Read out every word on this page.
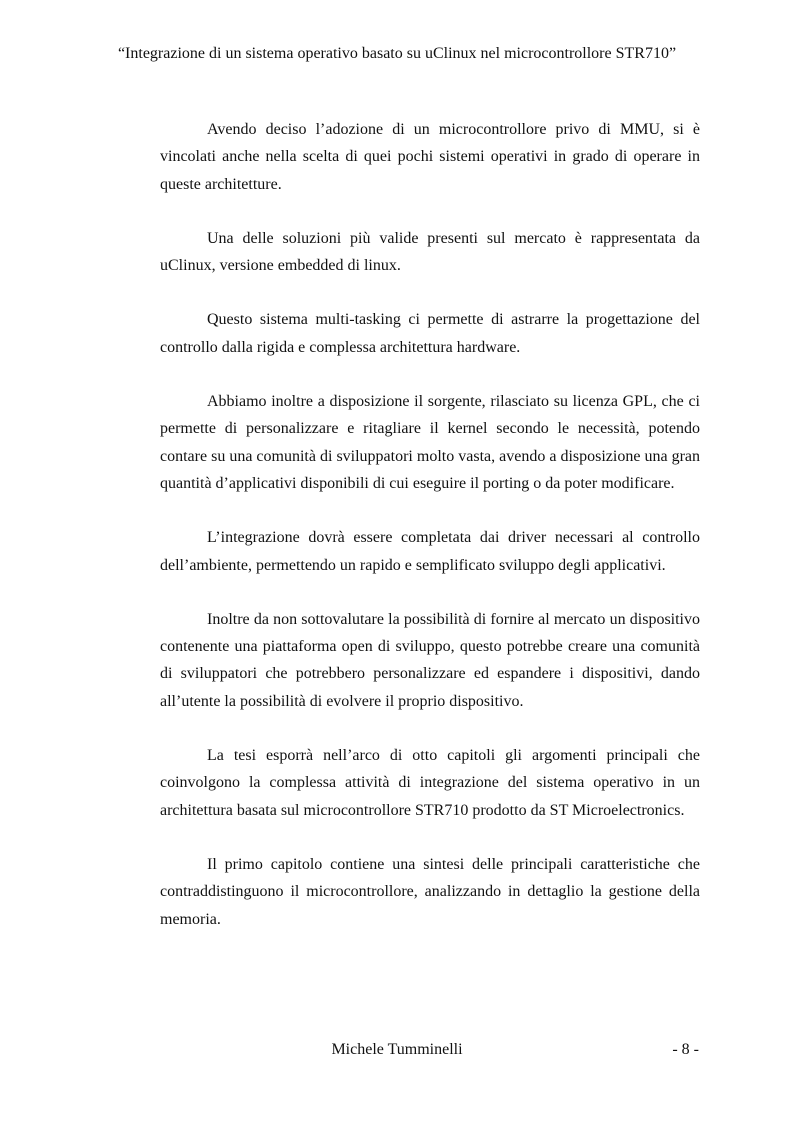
“Integrazione di un sistema operativo basato su uClinux nel microcontrollore STR710”

Avendo deciso l’adozione di un microcontrollore privo di MMU, si è vincolati anche nella scelta di quei pochi sistemi operativi in grado di operare in queste architetture.

Una delle soluzioni più valide presenti sul mercato è rappresentata da uClinux, versione embedded di linux.

Questo sistema multi-tasking ci permette di astrarre la progettazione del controllo dalla rigida e complessa architettura hardware.

Abbiamo inoltre a disposizione il sorgente, rilasciato su licenza GPL, che ci permette di personalizzare e ritagliare il kernel secondo le necessità, potendo contare su una comunità di sviluppatori molto vasta, avendo a disposizione una gran quantità d’applicativi disponibili di cui eseguire il porting o da poter modificare.

L’integrazione dovrà essere completata dai driver necessari al controllo dell’ambiente, permettendo un rapido e semplificato sviluppo degli applicativi.

Inoltre da non sottovalutare la possibilità di fornire al mercato un dispositivo contenente una piattaforma open di sviluppo, questo potrebbe creare una comunità di sviluppatori che potrebbero personalizzare ed espandere i dispositivi, dando all’utente la possibilità di evolvere il proprio dispositivo.

La tesi esporrà nell’arco di otto capitoli gli argomenti principali che coinvolgono la complessa attività di integrazione del sistema operativo in un architettura basata sul microcontrollore STR710 prodotto da ST Microelectronics.

Il primo capitolo contiene una sintesi delle principali caratteristiche che contraddistinguono il microcontrollore, analizzando in dettaglio la gestione della memoria.

Michele Tumminelli	- 8 -
